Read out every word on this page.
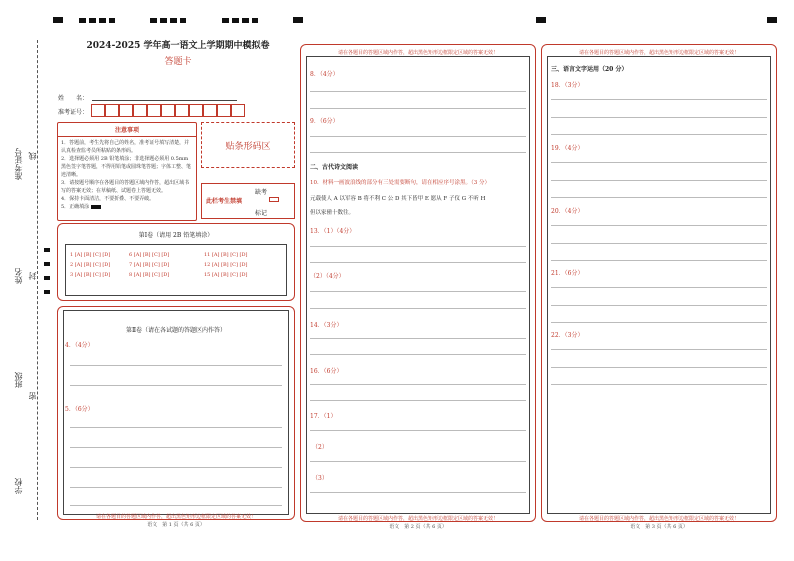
准考证号 线
姓名 封
班级
密
学校
2024-2025 学年高一语文上学期期中模拟卷
答题卡
姓　　名：
准考证号：
注意事项

1．答题前，考生先将自己的姓名，准考证号填写清楚，并认真检查监考员所粘贴的条形码。

2．选择题必须用 2B 铅笔填涂；非选择题必须用 0.5mm 黑色签字笔答题，不得用铅笔或圆珠笔答题；字体工整、笔迹清晰。

3．请按题号顺序在各题目的答题区域内作答，超出区域书写的答案无效；在草稿纸、试题卷上答题无效。

4．保持卡面清洁，不要折叠、不要弄破。

5．正确填涂

贴条形码区
此栏考生禁填
缺考
标记
第Ⅰ卷（请用 2B 铅笔填涂）
1 [A] [B] [C] [D]
2 [A] [B] [C] [D]
3 [A] [B] [C] [D]
6 [A] [B] [C] [D]
7 [A] [B] [C] [D]
8 [A] [B] [C] [D]
11 [A] [B] [C] [D]
12 [A] [B] [C] [D]
15 [A] [B] [C] [D]
第Ⅱ卷（请在各试题的答题区内作答）
4．（4分）
5．（6分）
请在各题目的答题区域内作答，超出黑色矩形边框限定区域的答案无效！
语文　第 1 页（共 6 页）
请在各题目的答题区域内作答，超出黑色矩形边框限定区域的答案无效！
8．（4分）
9．（6分）
二、古代诗文阅读
10．材料一画波浪线的部分有三处需要断句，请在相应序号涂黑。（3 分）
元载使人 A 以军容 B 将不利 C 公 D 其下皆甲 E 愿从 F 子仪 G 不听 H
但以家僮十数往。
13．（1）（4分）
（2）（4分）
14．（3分）
16．（6分）
17．（1）
（2）
（3）
请在各题目的答题区域内作答，超出黑色矩形边框限定区域的答案无效！
语文　第 2 页（共 6 页）
请在各题目的答题区域内作答，超出黑色矩形边框限定区域的答案无效！
三、语言文字运用（20 分）
18．（3分）
19．（4分）
20．（4分）
21．（6分）
22．（3分）
请在各题目的答题区域内作答，超出黑色矩形边框限定区域的答案无效！
语文　第 3 页（共 6 页）
